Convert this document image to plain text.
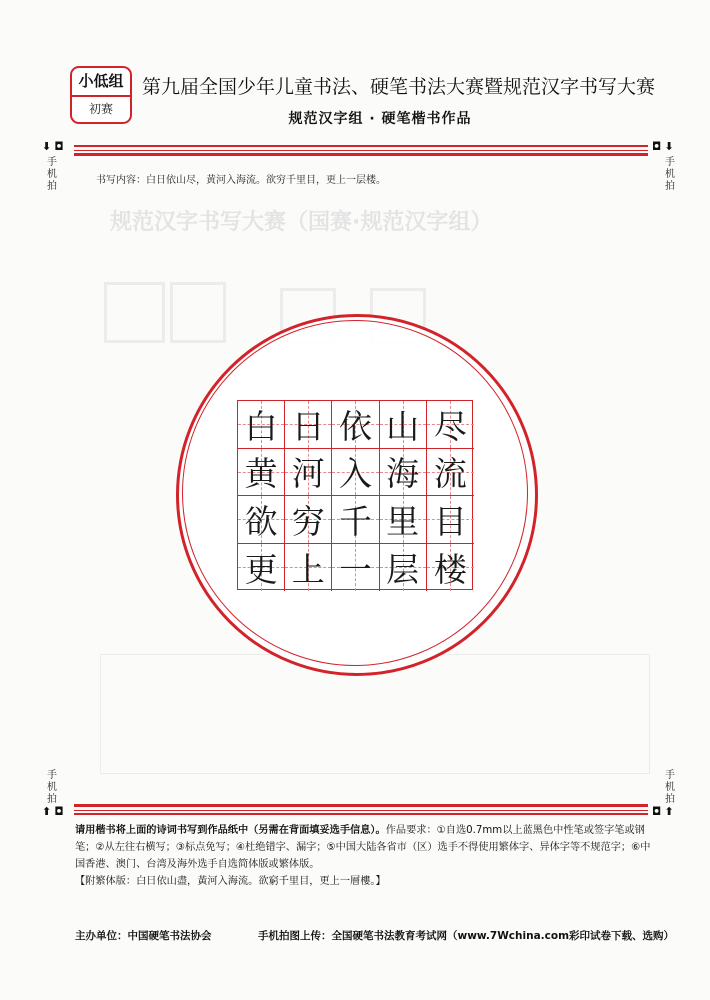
规范汉字书写大赛（国赛·规范汉字组）
小低组
初赛
第九届全国少年儿童书法、硬笔书法大赛暨规范汉字书写大赛
规范汉字组 · 硬笔楷书作品
⬇ ◘
手
机
拍
◘ ⬇
手
机
拍
书写内容：白日依山尽，黄河入海流。欲穷千里目，更上一层楼。
白 日 依 山 尽
黄 河 入 海 流
欲 穷 千 里 目
更 上 一 层 楼
手
机
拍
⬆ ◘
手
机
拍
◘ ⬆
请用楷书将上面的诗词书写到作品纸中（另需在背面填妥选手信息）。作品要求：①自选0.7mm以上蓝黑色中性笔或签字笔或钢笔；②从左往右横写；③标点免写；④杜绝错字、漏字；⑤中国大陆各省市（区）选手不得使用繁体字、异体字等不规范字；⑥中国香港、澳门、台湾及海外选手自选简体版或繁体版。
【附繁体版：白日依山盡，黃河入海流。欲窮千里目，更上一層樓。】
主办单位：中国硬笔书法协会	手机拍图上传：全国硬笔书法教育考试网（www.7Wchina.com彩印试卷下载、选购）
